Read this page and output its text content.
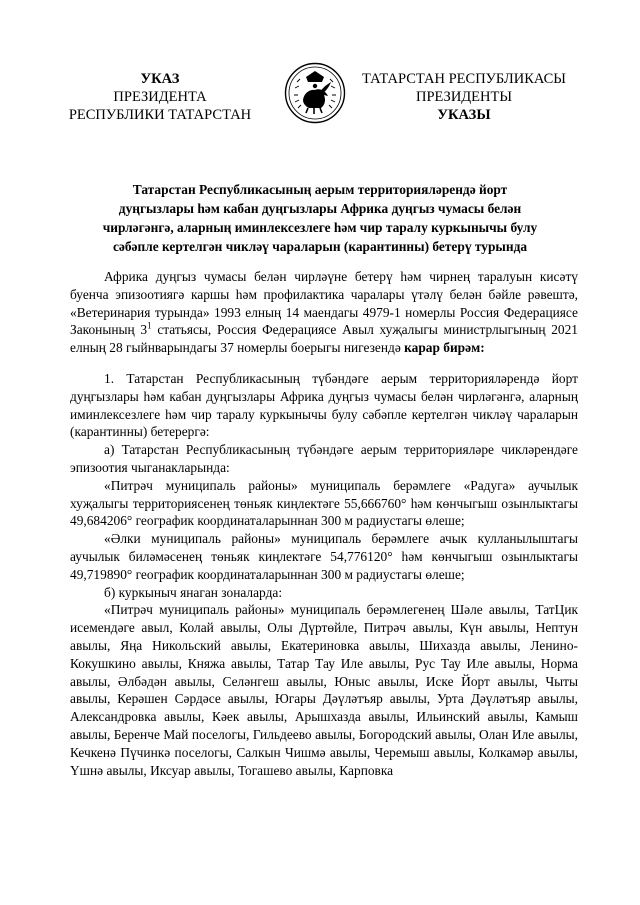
УКАЗ
ПРЕЗИДЕНТА
РЕСПУБЛИКИ ТАТАРСТАН
ТАТАРСТАН РЕСПУБЛИКАСЫ
ПРЕЗИДЕНТЫ
УКАЗЫ
Татарстан Республикасының аерым территорияләрендә йорт
дуңгызлары һәм кабан дуңгызлары Африка дуңгыз чумасы белән
чирләгәнгә, аларның иминлексезлеге һәм чир таралу куркынычы булу
сәбәпле кертелгән чикләү чараларын (карантинны) бетерү турында

Африка дуңгыз чумасы белән чирләүне бетерү һәм чирнең таралуын кисәтү буенча эпизоотиягә каршы һәм профилактика чаралары үтәлү белән бәйле рәвештә, «Ветеринария турында» 1993 елның 14 маендагы 4979-1 номерлы Россия Федерациясе Законының $3^1$ статьясы, Россия Федерациясе Авыл хуҗалыгы министрлыгының 2021 елның 28 гыйнварындагы 37 номерлы боерыгы нигезендә карар бирәм:

1. Татарстан Республикасының түбәндәге аерым территорияләрендә йорт дуңгызлары һәм кабан дуңгызлары Африка дуңгыз чумасы белән чирләгәнгә, аларның иминлексезлеге һәм чир таралу куркынычы булу сәбәпле кертелгән чикләү чараларын (карантинны) бетерергә:

а) Татарстан Республикасының түбәндәге аерым территорияләре чикләрендәге эпизоотия чыганакларында:

«Питрәч муниципаль районы» муниципаль берәмлеге «Радуга» аучылык хуҗалыгы территориясенең төньяк киңлектәге 55,666760° һәм көнчыгыш озынлыктагы 49,684206° географик координаталарыннан 300 м радиустагы өлеше;

«Әлки муниципаль районы» муниципаль берәмлеге ачык кулланылыштагы аучылык биләмәсенең төньяк киңлектәге 54,776120° һәм көнчыгыш озынлыктагы 49,719890° географик координаталарыннан 300 м радиустагы өлеше;

б) куркыныч янаган зоналарда:

«Питрәч муниципаль районы» муниципаль берәмлегенең Шәле авылы, ТатЦик исемендәге авыл, Колай авылы, Олы Дүртөйле, Питрәч авылы, Күн авылы, Нептун авылы, Яңа Никольский авылы, Екатериновка авылы, Шихазда авылы, Ленино-Кокушкино авылы, Княжа авылы, Татар Тау Иле авылы, Рус Тау Иле авылы, Норма авылы, Әлбәдән авылы, Селәнгеш авылы, Юныс авылы, Иске Йорт авылы, Чыты авылы, Керәшен Сәрдәсе авылы, Югары Дәүләтъяр авылы, Урта Дәүләтъяр авылы, Александровка авылы, Кәек авылы, Арышхазда авылы, Ильинский авылы, Камыш авылы, Беренче Май поселогы, Гильдеево авылы, Богородский авылы, Олан Иле авылы, Кечкенә Пүчинкә поселогы, Салкын Чишмә авылы, Черемыш авылы, Колкамәр авылы, Үшнә авылы, Иксуар авылы, Тогашево авылы, Карповка
